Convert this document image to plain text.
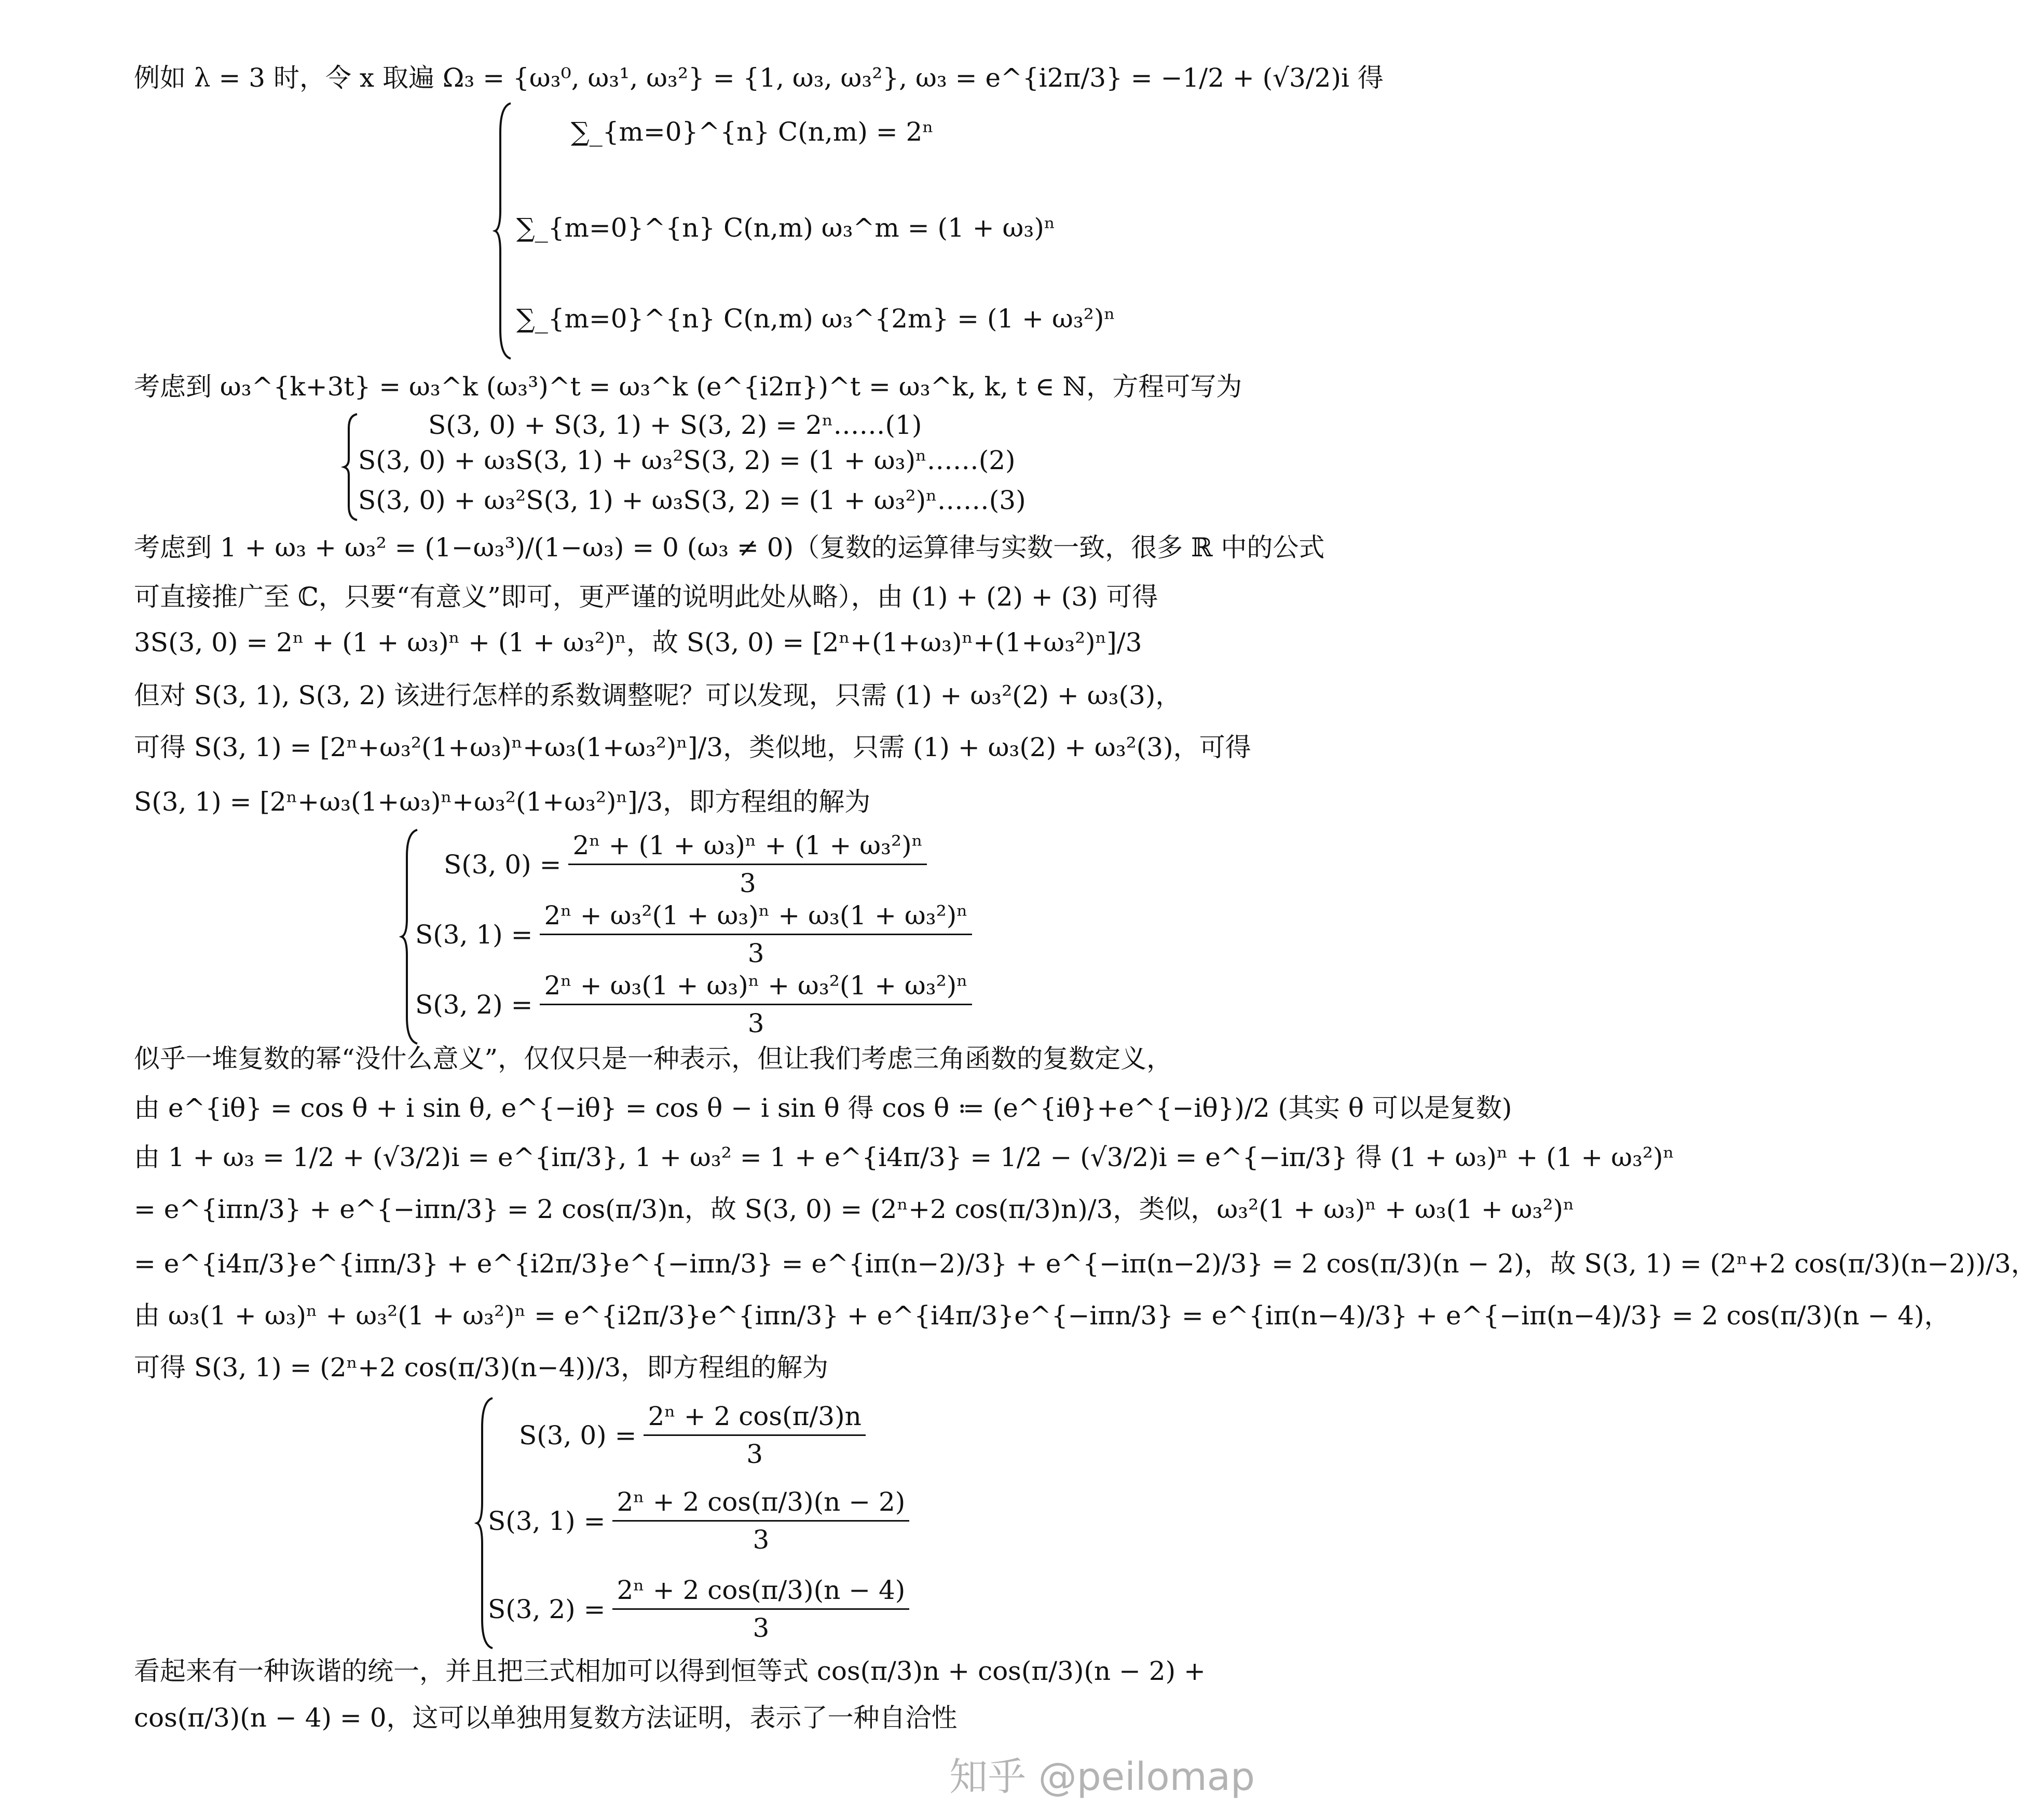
例如 λ = 3 时，令 x 取遍 Ω₃ = {ω₃⁰, ω₃¹, ω₃²} = {1, ω₃, ω₃²}, ω₃ = e^{i2π/3} = −1/2 + (√3/2)i 得
∑_{m=0}^{n} C(n,m) = 2ⁿ
∑_{m=0}^{n} C(n,m) ω₃^m = (1 + ω₃)ⁿ
∑_{m=0}^{n} C(n,m) ω₃^{2m} = (1 + ω₃²)ⁿ
考虑到 ω₃^{k+3t} = ω₃^k (ω₃³)^t = ω₃^k (e^{i2π})^t = ω₃^k, k, t ∈ ℕ，方程可写为
S(3, 0) + S(3, 1) + S(3, 2) = 2ⁿ……(1)
S(3, 0) + ω₃S(3, 1) + ω₃²S(3, 2) = (1 + ω₃)ⁿ……(2)
S(3, 0) + ω₃²S(3, 1) + ω₃S(3, 2) = (1 + ω₃²)ⁿ……(3)
考虑到 1 + ω₃ + ω₃² = (1−ω₃³)/(1−ω₃) = 0 (ω₃ ≠ 0)（复数的运算律与实数一致，很多 ℝ 中的公式
可直接推广至 ℂ，只要“有意义”即可，更严谨的说明此处从略），由 (1) + (2) + (3) 可得
3S(3, 0) = 2ⁿ + (1 + ω₃)ⁿ + (1 + ω₃²)ⁿ，故 S(3, 0) = [2ⁿ+(1+ω₃)ⁿ+(1+ω₃²)ⁿ]/3
但对 S(3, 1), S(3, 2) 该进行怎样的系数调整呢？可以发现，只需 (1) + ω₃²(2) + ω₃(3)，
可得 S(3, 1) = [2ⁿ+ω₃²(1+ω₃)ⁿ+ω₃(1+ω₃²)ⁿ]/3，类似地，只需 (1) + ω₃(2) + ω₃²(3)，可得
S(3, 1) = [2ⁿ+ω₃(1+ω₃)ⁿ+ω₃²(1+ω₃²)ⁿ]/3，即方程组的解为
S(3, $0) = \frac{\text{2ⁿ + (1 + ω₃)ⁿ + (1 + ω₃²)ⁿ}}{3}$
S(3, $1) = \frac{\text{2ⁿ + ω₃²(1 + ω₃)ⁿ + ω₃(1 + ω₃²)ⁿ}}{3}$
S(3, $2) = \frac{\text{2ⁿ + ω₃(1 + ω₃)ⁿ + ω₃²(1 + ω₃²)ⁿ}}{3}$
似乎一堆复数的幂“没什么意义”，仅仅只是一种表示，但让我们考虑三角函数的复数定义，
由 e^{iθ} = cos θ + i sin θ, e^{−iθ} = cos θ − i sin θ 得 cos θ ≔ (e^{iθ}+e^{−iθ})/2 (其实 θ 可以是复数)
由 1 + ω₃ = 1/2 + (√3/2)i = e^{iπ/3}, 1 + ω₃² = 1 + e^{i4π/3} = 1/2 − (√3/2)i = e^{−iπ/3} 得 (1 + ω₃)ⁿ + (1 + ω₃²)ⁿ
= e^{iπn/3} + e^{−iπn/3} = 2 cos(π/3)n，故 S(3, 0) = (2ⁿ+2 cos(π/3)n)/3，类似，ω₃²(1 + ω₃)ⁿ + ω₃(1 + ω₃²)ⁿ
= e^{i4π/3}e^{iπn/3} + e^{i2π/3}e^{−iπn/3} = e^{iπ(n−2)/3} + e^{−iπ(n−2)/3} = 2 cos(π/3)(n − 2)，故 S(3, 1) = (2ⁿ+2 cos(π/3)(n−2))/3，
由 ω₃(1 + ω₃)ⁿ + ω₃²(1 + ω₃²)ⁿ = e^{i2π/3}e^{iπn/3} + e^{i4π/3}e^{−iπn/3} = e^{iπ(n−4)/3} + e^{−iπ(n−4)/3} = 2 cos(π/3)(n − 4)，
可得 S(3, 1) = (2ⁿ+2 cos(π/3)(n−4))/3，即方程组的解为
S(3, $0) = \frac{\text{2ⁿ + 2 cos(π/3)n}}{3}$
S(3, $1) = \frac{\text{2ⁿ + 2 cos(π/3)(n − 2)}}{3}$
S(3, $2) = \frac{\text{2ⁿ + 2 cos(π/3)(n − 4)}}{3}$
看起来有一种诙谐的统一，并且把三式相加可以得到恒等式 cos(π/3)n + cos(π/3)(n − 2) +
cos(π/3)(n − 4) = 0，这可以单独用复数方法证明，表示了一种自洽性
知乎 @peilomap
